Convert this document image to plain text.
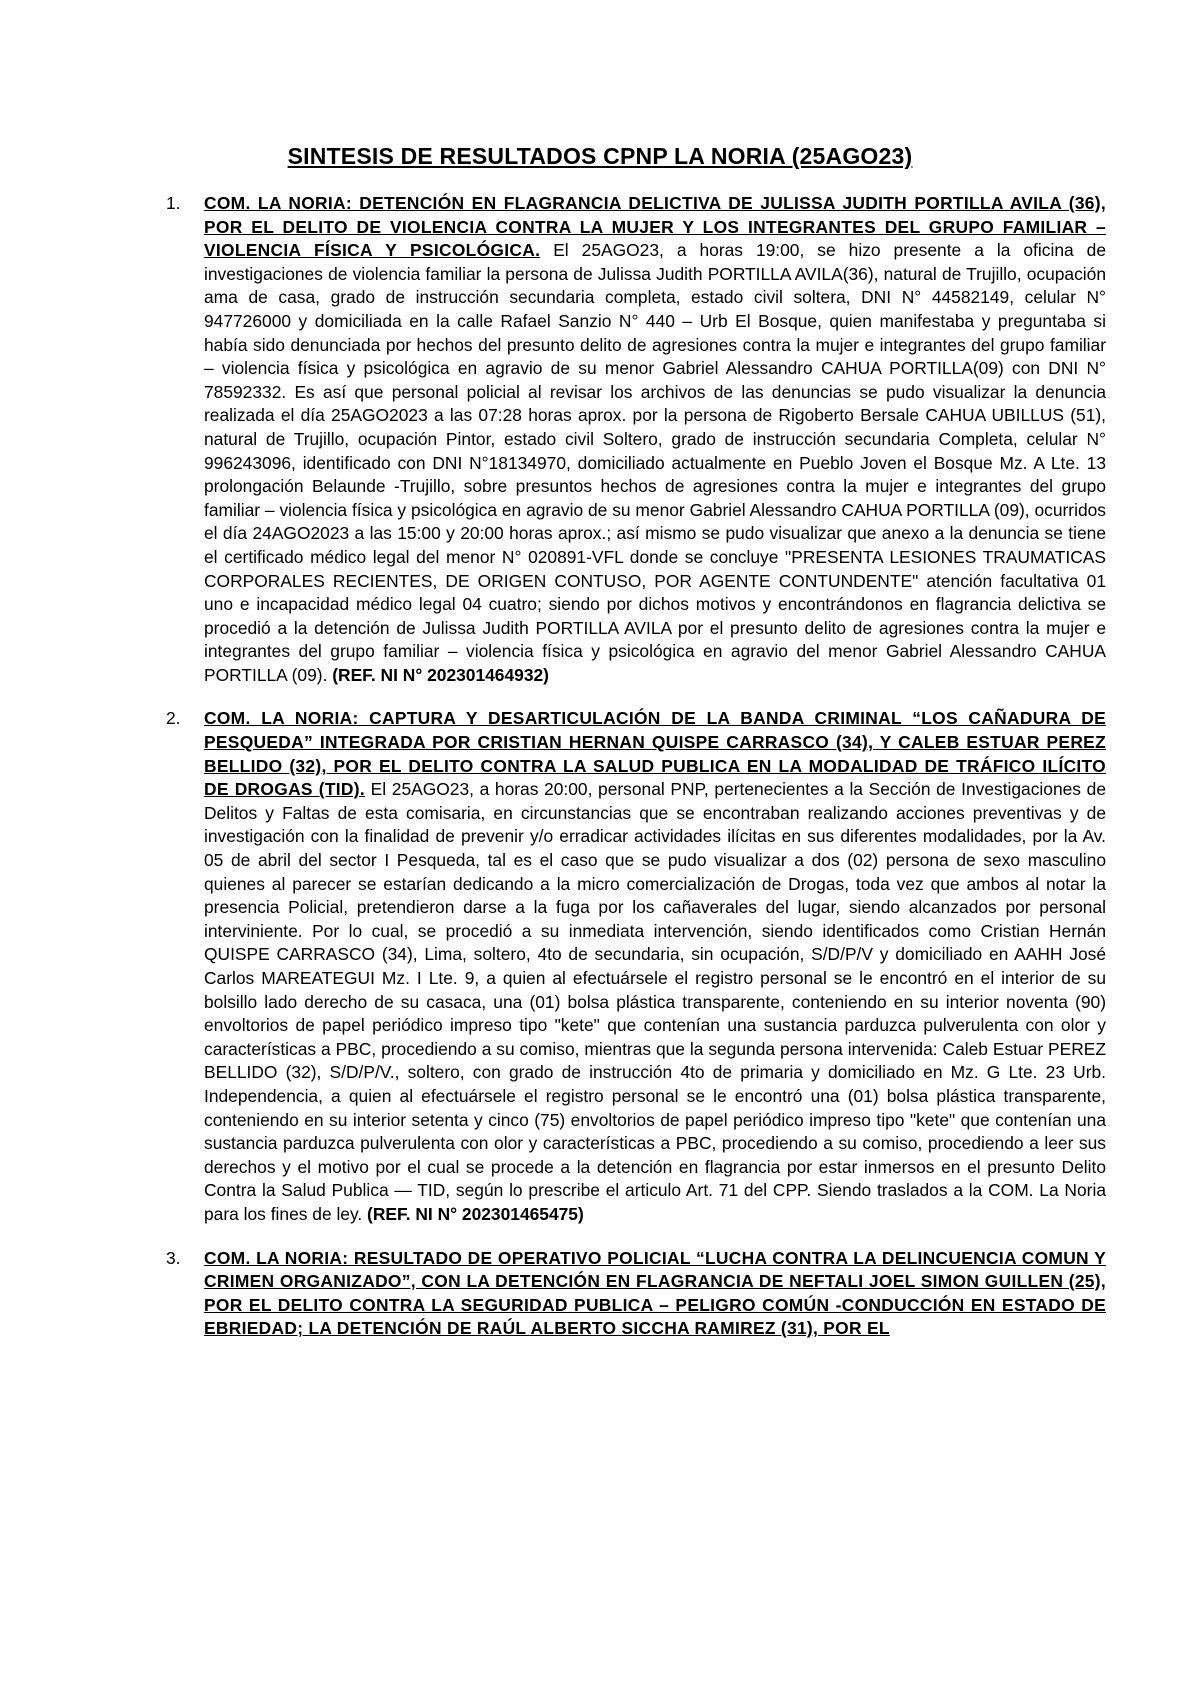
SINTESIS DE RESULTADOS CPNP LA NORIA (25AGO23)
1. COM. LA NORIA: DETENCIÓN EN FLAGRANCIA DELICTIVA DE JULISSA JUDITH PORTILLA AVILA (36), POR EL DELITO DE VIOLENCIA CONTRA LA MUJER Y LOS INTEGRANTES DEL GRUPO FAMILIAR – VIOLENCIA FÍSICA Y PSICOLÓGICA. El 25AGO23, a horas 19:00, se hizo presente a la oficina de investigaciones de violencia familiar la persona de Julissa Judith PORTILLA AVILA(36), natural de Trujillo, ocupación ama de casa, grado de instrucción secundaria completa, estado civil soltera, DNI N° 44582149, celular N° 947726000 y domiciliada en la calle Rafael Sanzio N° 440 – Urb El Bosque, quien manifestaba y preguntaba si había sido denunciada por hechos del presunto delito de agresiones contra la mujer e integrantes del grupo familiar – violencia física y psicológica en agravio de su menor Gabriel Alessandro CAHUA PORTILLA(09) con DNI N° 78592332. Es así que personal policial al revisar los archivos de las denuncias se pudo visualizar la denuncia realizada el día 25AGO2023 a las 07:28 horas aprox. por la persona de Rigoberto Bersale CAHUA UBILLUS (51), natural de Trujillo, ocupación Pintor, estado civil Soltero, grado de instrucción secundaria Completa, celular N° 996243096, identificado con DNI N°18134970, domiciliado actualmente en Pueblo Joven el Bosque Mz. A Lte. 13 prolongación Belaunde -Trujillo, sobre presuntos hechos de agresiones contra la mujer e integrantes del grupo familiar – violencia física y psicológica en agravio de su menor Gabriel Alessandro CAHUA PORTILLA (09), ocurridos el día 24AGO2023 a las 15:00 y 20:00 horas aprox.; así mismo se pudo visualizar que anexo a la denuncia se tiene el certificado médico legal del menor N° 020891-VFL donde se concluye "PRESENTA LESIONES TRAUMATICAS CORPORALES RECIENTES, DE ORIGEN CONTUSO, POR AGENTE CONTUNDENTE" atención facultativa 01 uno e incapacidad médico legal 04 cuatro; siendo por dichos motivos y encontrándonos en flagrancia delictiva se procedió a la detención de Julissa Judith PORTILLA AVILA por el presunto delito de agresiones contra la mujer e integrantes del grupo familiar – violencia física y psicológica en agravio del menor Gabriel Alessandro CAHUA PORTILLA (09). (REF. NI N° 202301464932)
2. COM. LA NORIA: CAPTURA Y DESARTICULACIÓN DE LA BANDA CRIMINAL “LOS CAÑADURA DE PESQUEDA” INTEGRADA POR CRISTIAN HERNAN QUISPE CARRASCO (34), Y CALEB ESTUAR PEREZ BELLIDO (32), POR EL DELITO CONTRA LA SALUD PUBLICA EN LA MODALIDAD DE TRÁFICO ILÍCITO DE DROGAS (TID). El 25AGO23, a horas 20:00, personal PNP, pertenecientes a la Sección de Investigaciones de Delitos y Faltas de esta comisaria, en circunstancias que se encontraban realizando acciones preventivas y de investigación con la finalidad de prevenir y/o erradicar actividades ilícitas en sus diferentes modalidades, por la Av. 05 de abril del sector I Pesqueda, tal es el caso que se pudo visualizar a dos (02) persona de sexo masculino quienes al parecer se estarían dedicando a la micro comercialización de Drogas, toda vez que ambos al notar la presencia Policial, pretendieron darse a la fuga por los cañaverales del lugar, siendo alcanzados por personal interviniente. Por lo cual, se procedió a su inmediata intervención, siendo identificados como Cristian Hernán QUISPE CARRASCO (34), Lima, soltero, 4to de secundaria, sin ocupación, S/D/P/V y domiciliado en AAHH José Carlos MAREATEGUI Mz. I Lte. 9, a quien al efectuársele el registro personal se le encontró en el interior de su bolsillo lado derecho de su casaca, una (01) bolsa plástica transparente, conteniendo en su interior noventa (90) envoltorios de papel periódico impreso tipo "kete" que contenían una sustancia parduzca pulverulenta con olor y características a PBC, procediendo a su comiso, mientras que la segunda persona intervenida: Caleb Estuar PEREZ BELLIDO (32), S/D/P/V., soltero, con grado de instrucción 4to de primaria y domiciliado en Mz. G Lte. 23 Urb. Independencia, a quien al efectuársele el registro personal se le encontró una (01) bolsa plástica transparente, conteniendo en su interior setenta y cinco (75) envoltorios de papel periódico impreso tipo "kete" que contenían una sustancia parduzca pulverulenta con olor y características a PBC, procediendo a su comiso, procediendo a leer sus derechos y el motivo por el cual se procede a la detención en flagrancia por estar inmersos en el presunto Delito Contra la Salud Publica — TID, según lo prescribe el articulo Art. 71 del CPP. Siendo traslados a la COM. La Noria para los fines de ley. (REF. NI N° 202301465475)
3. COM. LA NORIA: RESULTADO DE OPERATIVO POLICIAL “LUCHA CONTRA LA DELINCUENCIA COMUN Y CRIMEN ORGANIZADO”, CON LA DETENCIÓN EN FLAGRANCIA DE NEFTALI JOEL SIMON GUILLEN (25), POR EL DELITO CONTRA LA SEGURIDAD PUBLICA – PELIGRO COMÚN -CONDUCCIÓN EN ESTADO DE EBRIEDAD; LA DETENCIÓN DE RAÚL ALBERTO SICCHA RAMIREZ (31), POR EL
